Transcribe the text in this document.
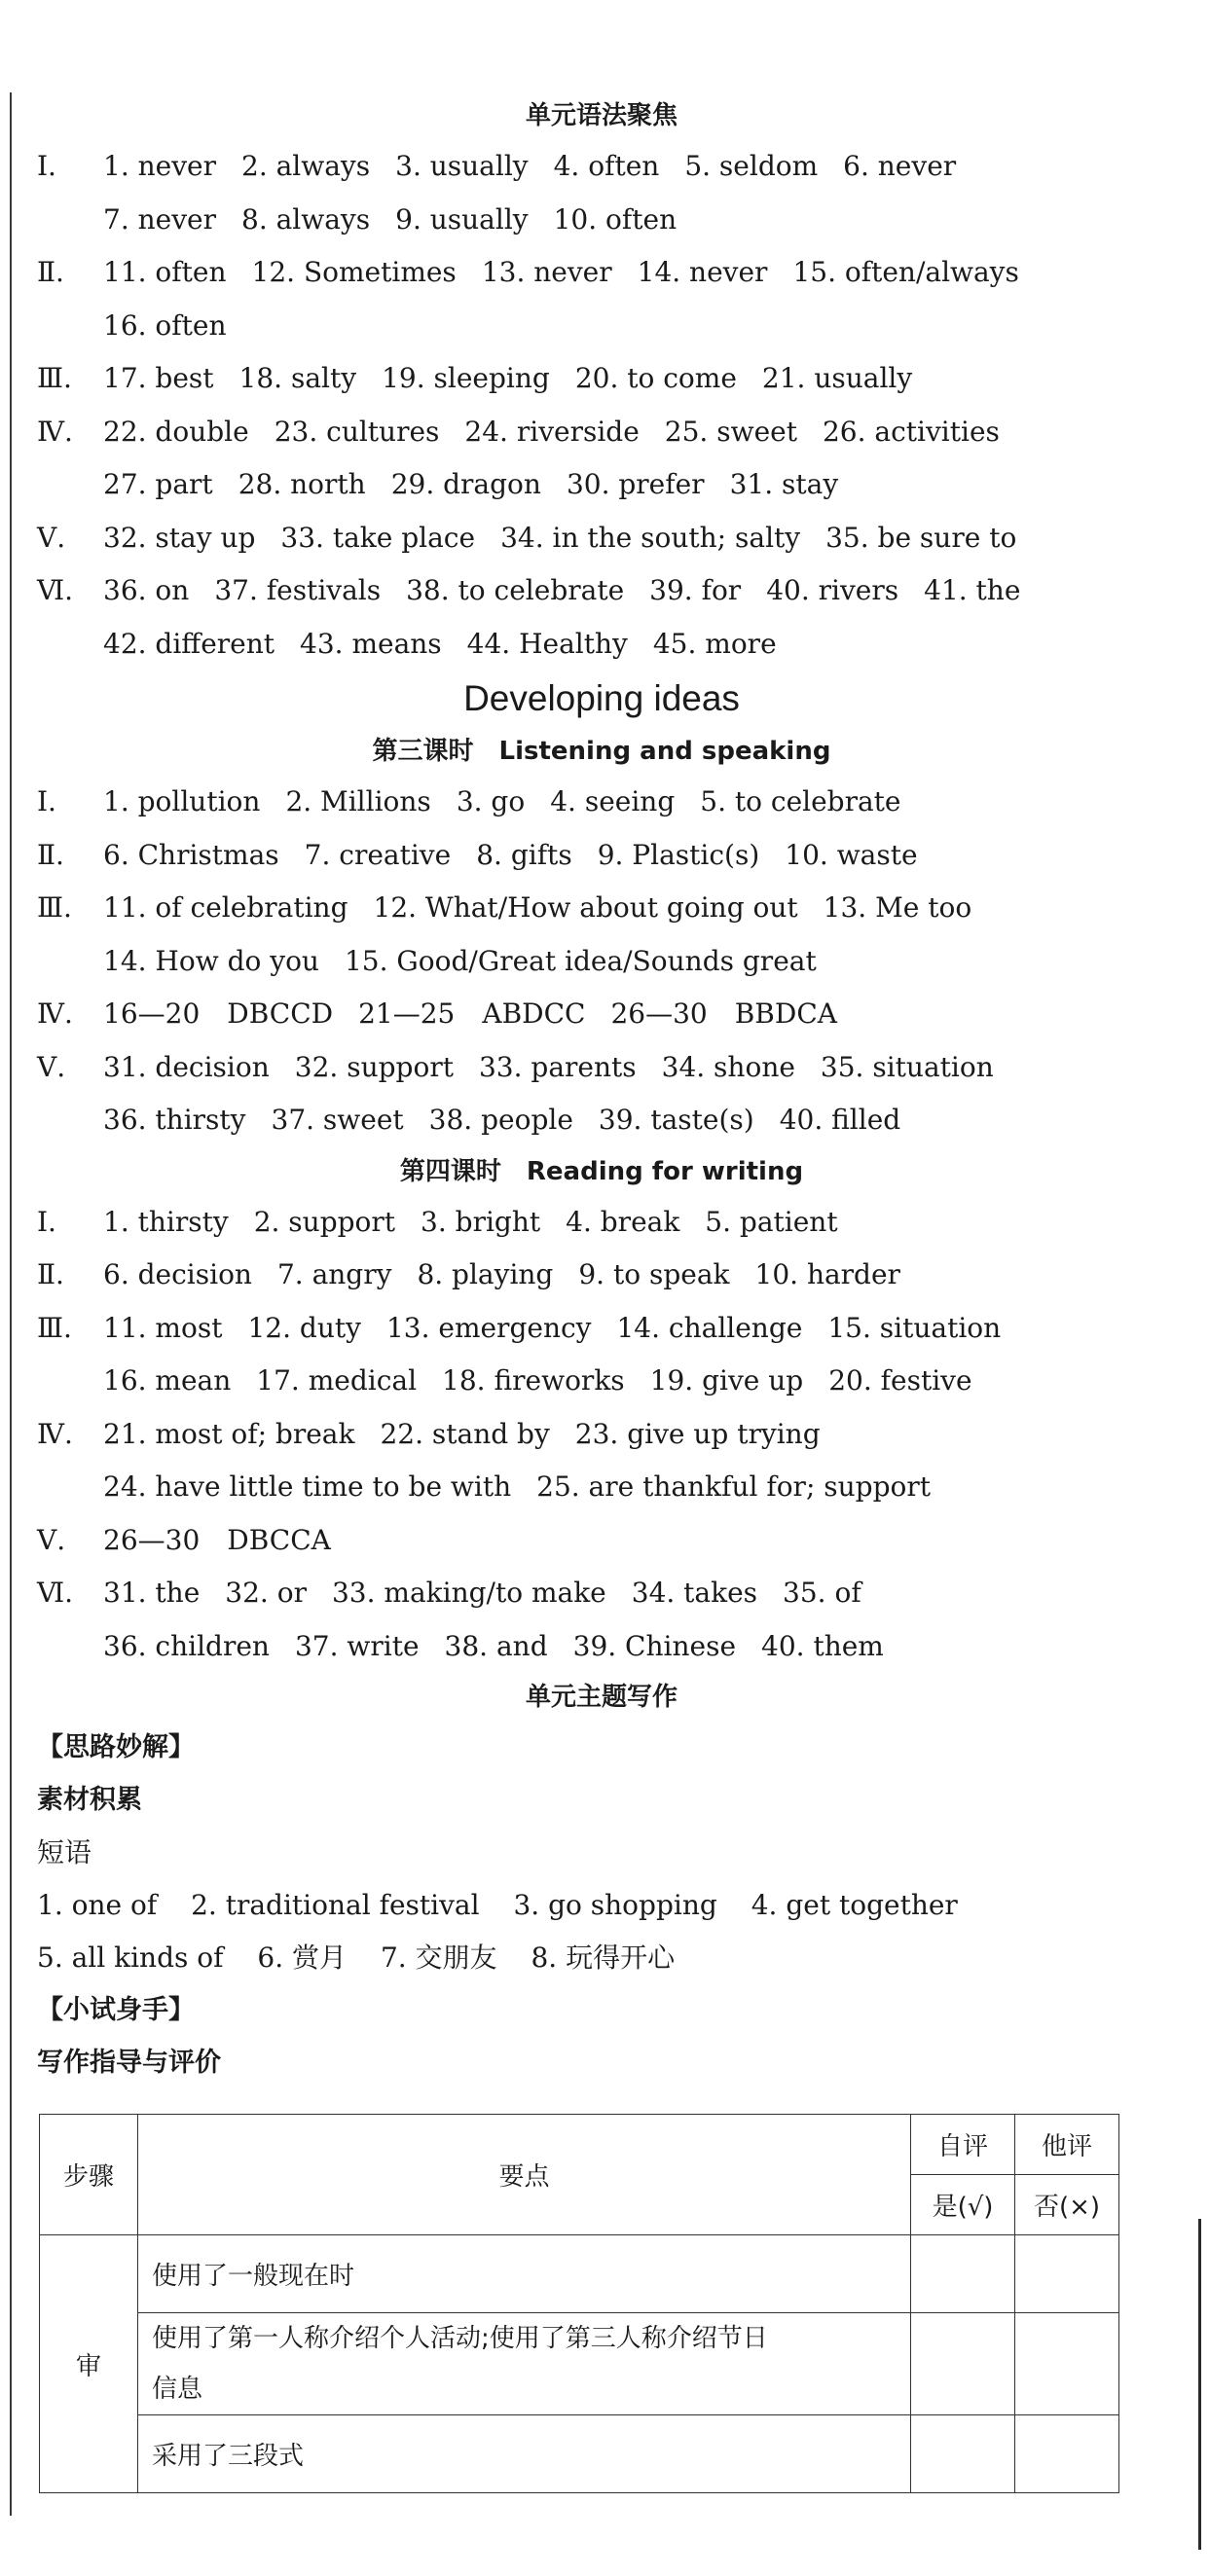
单元语法聚焦
Ⅰ.	1. never 2. always 3. usually 4. often 5. seldom 6. never
7. never 8. always 9. usually 10. often
Ⅱ.	11. often 12. Sometimes 13. never 14. never 15. often/always
16. often
Ⅲ.	17. best 18. salty 19. sleeping 20. to come 21. usually
Ⅳ.	22. double 23. cultures 24. riverside 25. sweet 26. activities
27. part 28. north 29. dragon 30. prefer 31. stay
Ⅴ.	32. stay up 33. take place 34. in the south; salty 35. be sure to
Ⅵ.	36. on 37. festivals 38. to celebrate 39. for 40. rivers 41. the
42. different 43. means 44. Healthy 45. more
Developing ideas
第三课时　Listening and speaking
Ⅰ.	1. pollution 2. Millions 3. go 4. seeing 5. to celebrate
Ⅱ.	6. Christmas 7. creative 8. gifts 9. Plastic(s) 10. waste
Ⅲ.	11. of celebrating 12. What/How about going out 13. Me too
14. How do you 15. Good/Great idea/Sounds great
Ⅳ.	16—20　DBCCD 21—25　ABDCC 26—30　BBDCA
Ⅴ.	31. decision 32. support 33. parents 34. shone 35. situation
36. thirsty 37. sweet 38. people 39. taste(s) 40. filled
第四课时　Reading for writing
Ⅰ.	1. thirsty 2. support 3. bright 4. break 5. patient
Ⅱ.	6. decision 7. angry 8. playing 9. to speak 10. harder
Ⅲ.	11. most 12. duty 13. emergency 14. challenge 15. situation
16. mean 17. medical 18. fireworks 19. give up 20. festive
Ⅳ.	21. most of; break 22. stand by 23. give up trying
24. have little time to be with 25. are thankful for; support
Ⅴ.	26—30　DBCCA
Ⅵ.	31. the 32. or 33. making/to make 34. takes 35. of
36. children 37. write 38. and 39. Chinese 40. them
单元主题写作
【思路妙解】
素材积累
短语
1. one of 2. traditional festival 3. go shopping 4. get together
5. all kinds of 6. 赏月 7. 交朋友 8. 玩得开心
【小试身手】
写作指导与评价
步骤	要点	自评	他评
		是(√)	否(×)
审	使用了一般现在时		
	使用了第一人称介绍个人活动;使用了第三人称介绍节日
信息		
	采用了三段式		
